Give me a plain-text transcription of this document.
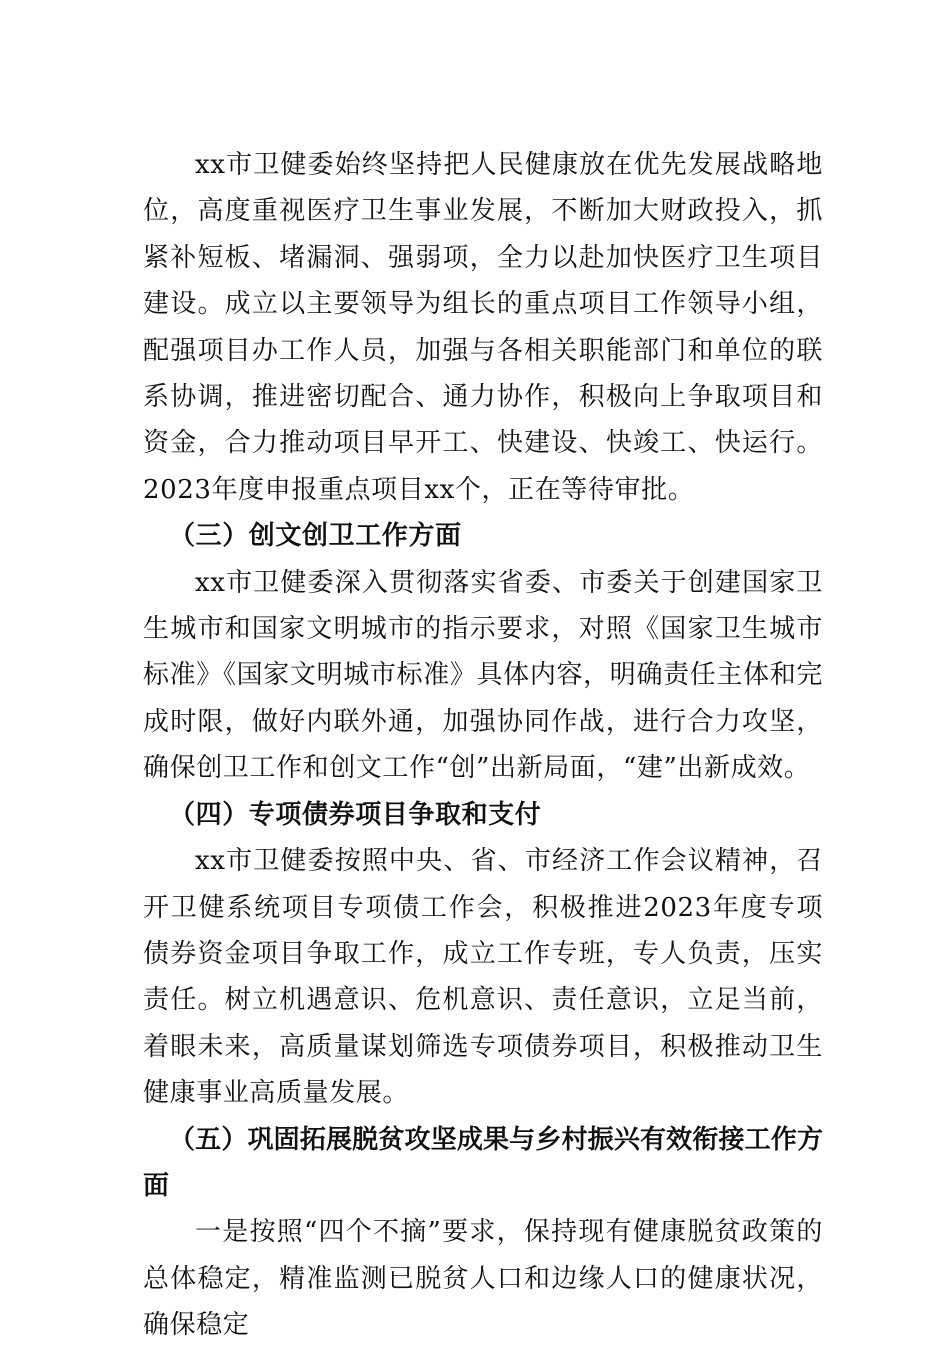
xx市卫健委始终坚持把人民健康放在优先发展战略地位，高度重视医疗卫生事业发展，不断加大财政投入，抓紧补短板、堵漏洞、强弱项，全力以赴加快医疗卫生项目建设。成立以主要领导为组长的重点项目工作领导小组，配强项目办工作人员，加强与各相关职能部门和单位的联系协调，推进密切配合、通力协作，积极向上争取项目和资金，合力推动项目早开工、快建设、快竣工、快运行。2023年度申报重点项目xx个，正在等待审批。

（三）创文创卫工作方面

xx市卫健委深入贯彻落实省委、市委关于创建国家卫生城市和国家文明城市的指示要求，对照《国家卫生城市标准》《国家文明城市标准》具体内容，明确责任主体和完成时限，做好内联外通，加强协同作战，进行合力攻坚，确保创卫工作和创文工作“创”出新局面，“建”出新成效。

（四）专项债券项目争取和支付

xx市卫健委按照中央、省、市经济工作会议精神，召开卫健系统项目专项债工作会，积极推进2023年度专项债券资金项目争取工作，成立工作专班，专人负责，压实责任。树立机遇意识、危机意识、责任意识，立足当前，着眼未来，高质量谋划筛选专项债券项目，积极推动卫生健康事业高质量发展。

（五）巩固拓展脱贫攻坚成果与乡村振兴有效衔接工作方面

一是按照“四个不摘”要求，保持现有健康脱贫政策的总体稳定，精准监测已脱贫人口和边缘人口的健康状况，确保稳定
